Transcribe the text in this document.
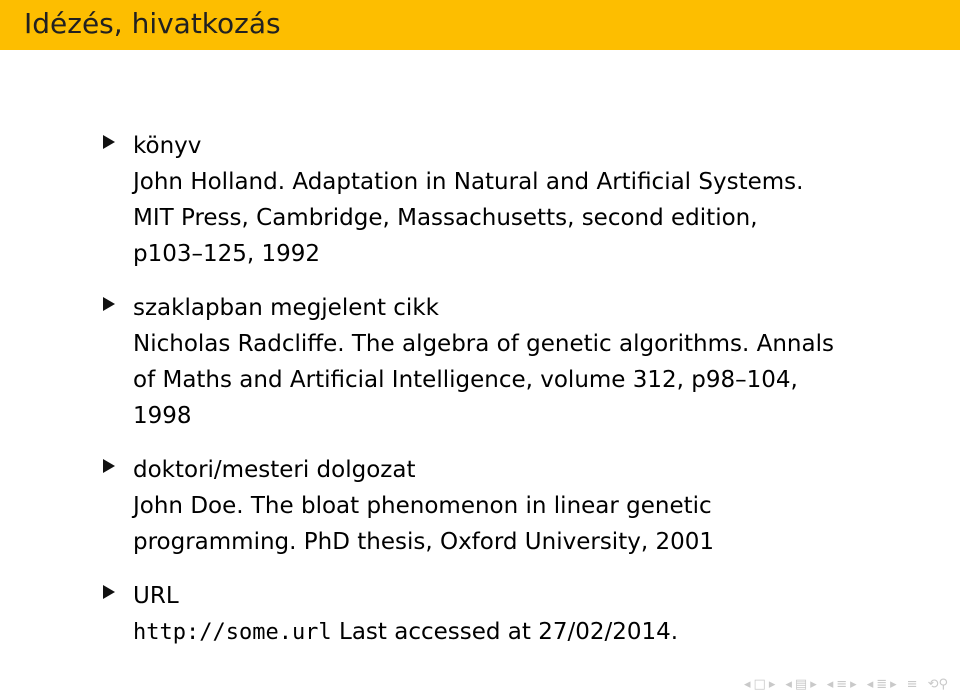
Idézés, hivatkozás

könyv

John Holland. Adaptation in Natural and Artificial Systems.

MIT Press, Cambridge, Massachusetts, second edition,

p103–125, 1992

szaklapban megjelent cikk

Nicholas Radcliffe. The algebra of genetic algorithms. Annals

of Maths and Artificial Intelligence, volume 312, p98–104,

1998

doktori/mesteri dolgozat

John Doe. The bloat phenomenon in linear genetic

programming. PhD thesis, Oxford University, 2001

URL

http://some.url Last accessed at 27/02/2014.

◂ □ ▸ ◂ ▤ ▸ ◂ ≡ ▸ ◂ ≣ ▸ ≡ ⟲⚲
